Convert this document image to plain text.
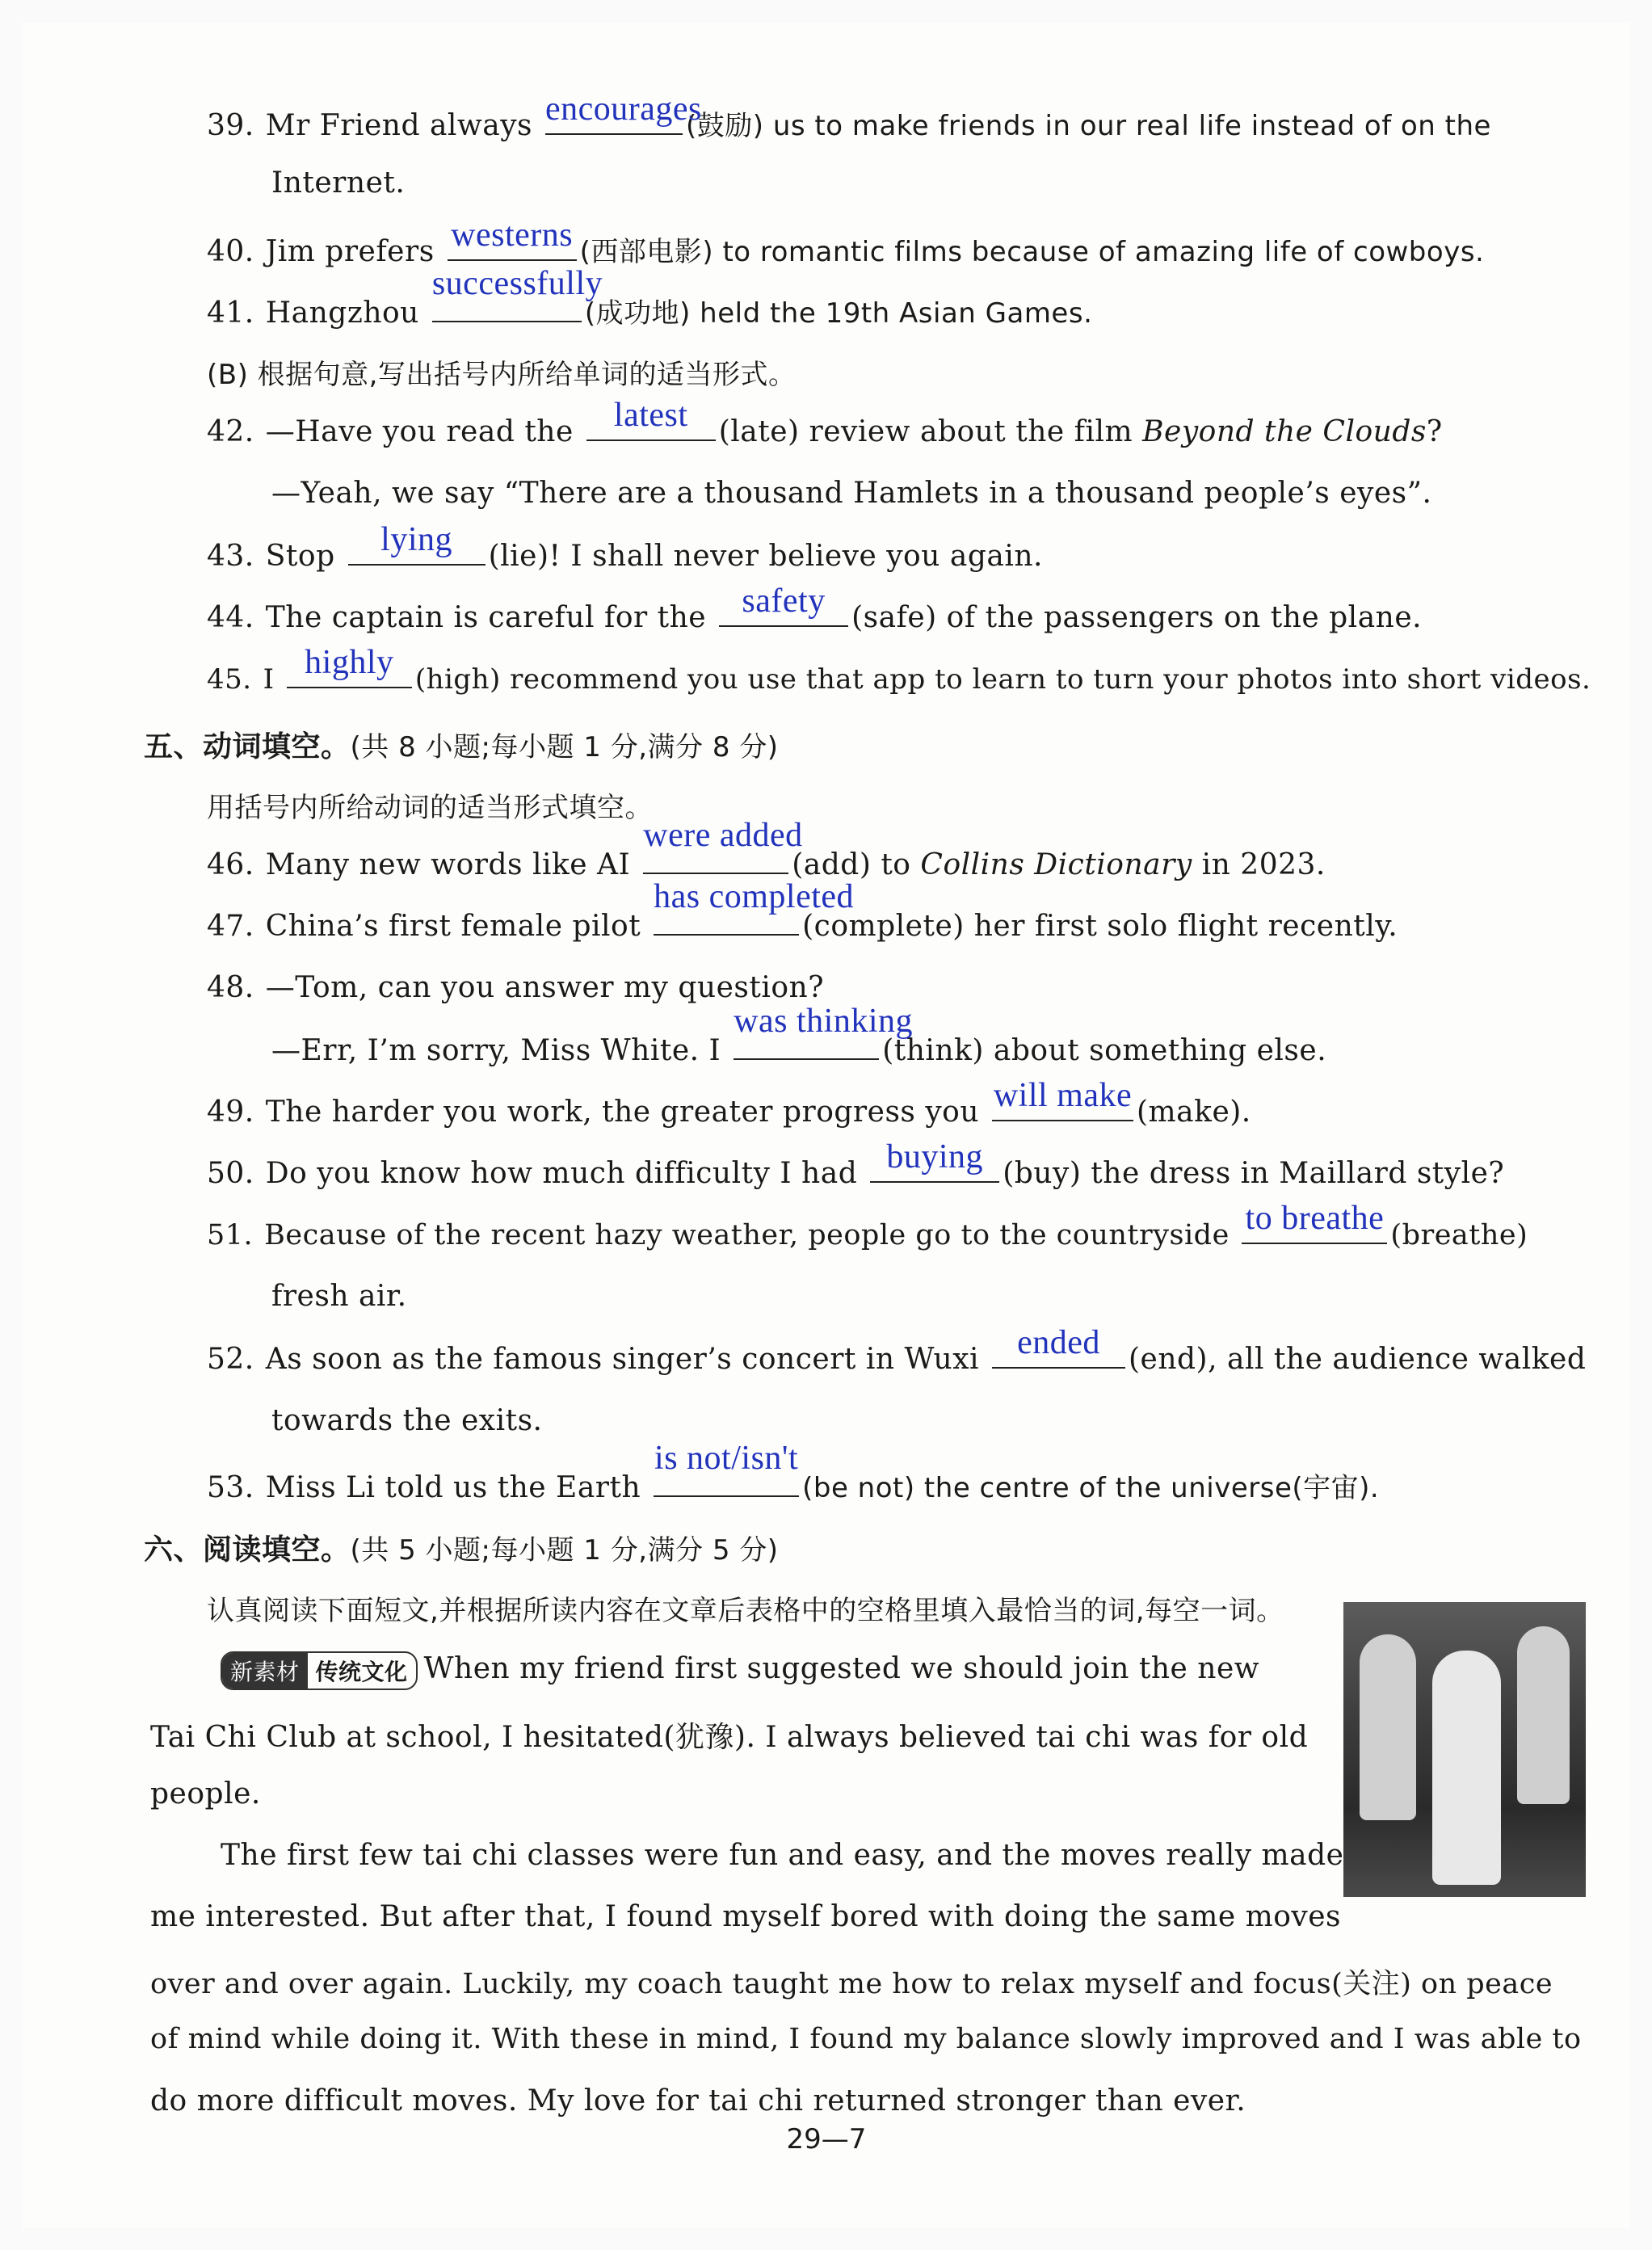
39. Mr Friend always encourages
(鼓励) us to make friends in our real life instead of on the
Internet.
40. Jim prefers westerns (西部电影) to romantic films because of amazing life of cowboys.
41. Hangzhou
successfully
(成功地) held the 19th Asian Games.
(B) 根据句意,写出括号内所给单词的适当形式。
42. —Have you read the	latest	(late) review about the film Beyond the Clouds?
—Yeah, we say “There are a thousand Hamlets in a thousand people’s eyes”.
43. Stop	lying	(lie)! I shall never believe you again.
44. The captain is careful for the	safety (safe) of the passengers on the plane.
45. I highly (high) recommend you use that app to learn to turn your photos into short videos.
五、动词填空。(共 8 小题;每小题 1 分,满分 8 分)
用括号内所给动词的适当形式填空。
46. Many new words like AI
were added
(add) to Collins Dictionary in 2023.
47. China’s first female pilot
has completed
(complete) her first solo flight recently.
48. —Tom, can you answer my question?
—Err, I’m sorry, Miss White. I
was thinking
(think) about something else.
49. The harder you work, the greater progress you will make (make).
50. Do you know how much difficulty I had buying (buy) the dress in Maillard style?
51. Because of the recent hazy weather, people go to the countryside to breathe (breathe)
fresh air.
52. As soon as the famous singer’s concert in Wuxi	ended (end), all the audience walked
towards the exits.
53. Miss Li told us the Earth
is not/isn't
(be not) the centre of the universe(宇宙).
六、阅读填空。(共 5 小题;每小题 1 分,满分 5 分)
认真阅读下面短文,并根据所读内容在文章后表格中的空格里填入最恰当的词,每空一词。
新素材 传统文化 When my friend first suggested we should join the new
Tai Chi Club at school, I hesitated(犹豫). I always believed tai chi was for old
people.
The first few tai chi classes were fun and easy, and the moves really made
me interested. But after that, I found myself bored with doing the same moves
over and over again. Luckily, my coach taught me how to relax myself and focus(关注) on peace
of mind while doing it. With these in mind, I found my balance slowly improved and I was able to
do more difficult moves. My love for tai chi returned stronger than ever.
29—7
